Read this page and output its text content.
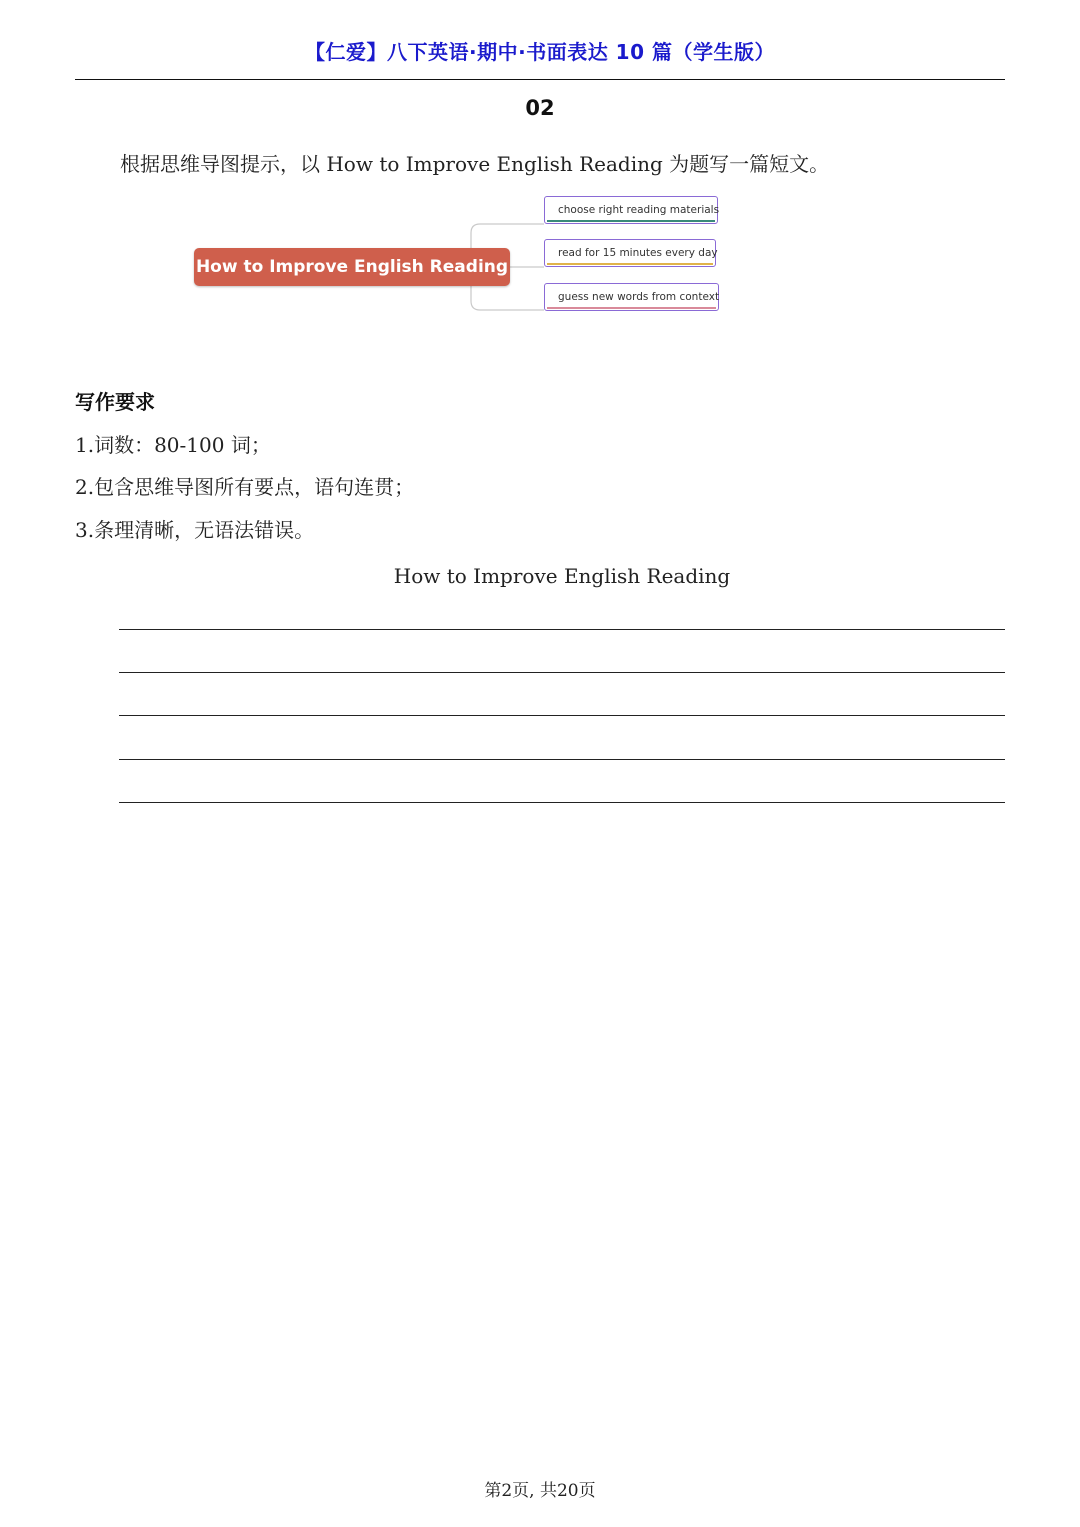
【仁爱】八下英语·期中·书面表达 10 篇（学生版）
02
根据思维导图提示，以 How to Improve English Reading 为题写一篇短文。
How to Improve English Reading
choose right reading materials
read for 15 minutes every day
guess new words from context
写作要求
1.词数：80-100 词；
2.包含思维导图所有要点，语句连贯；
3.条理清晰，无语法错误。
How to Improve English Reading
第2页, 共20页
